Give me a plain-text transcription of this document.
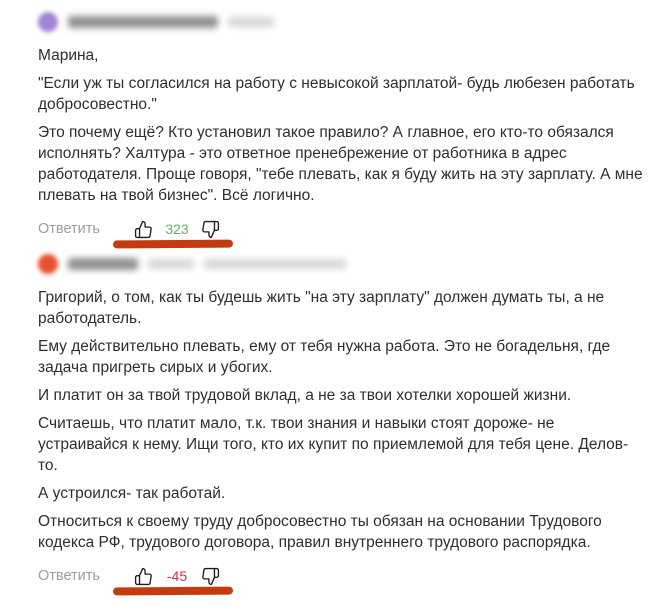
Марина,

"Если уж ты согласился на работу с невысокой зарплатой- будь любезен работать добросовестно."

Это почему ещё? Кто установил такое правило? А главное, его кто-то обязался исполнять? Халтура - это ответное пренебрежение от работника в адрес работодателя. Проще говоря, "тебе плевать, как я буду жить на эту зарплату. А мне плевать на твой бизнес". Всё логично.

Ответить	323

Григорий, о том, как ты будешь жить "на эту зарплату" должен думать ты, а не работодатель.

Ему действительно плевать, ему от тебя нужна работа. Это не богадельня, где задача пригреть сирых и убогих.

И платит он за твой трудовой вклад, а не за твои хотелки хорошей жизни.

Считаешь, что платит мало, т.к. твои знания и навыки стоят дороже- не устраивайся к нему. Ищи того, кто их купит по приемлемой для тебя цене. Делов- то.

А устроился- так работай.

Относиться к своему труду добросовестно ты обязан на основании Трудового кодекса РФ, трудового договора, правил внутреннего трудового распорядка.

Ответить	-45
